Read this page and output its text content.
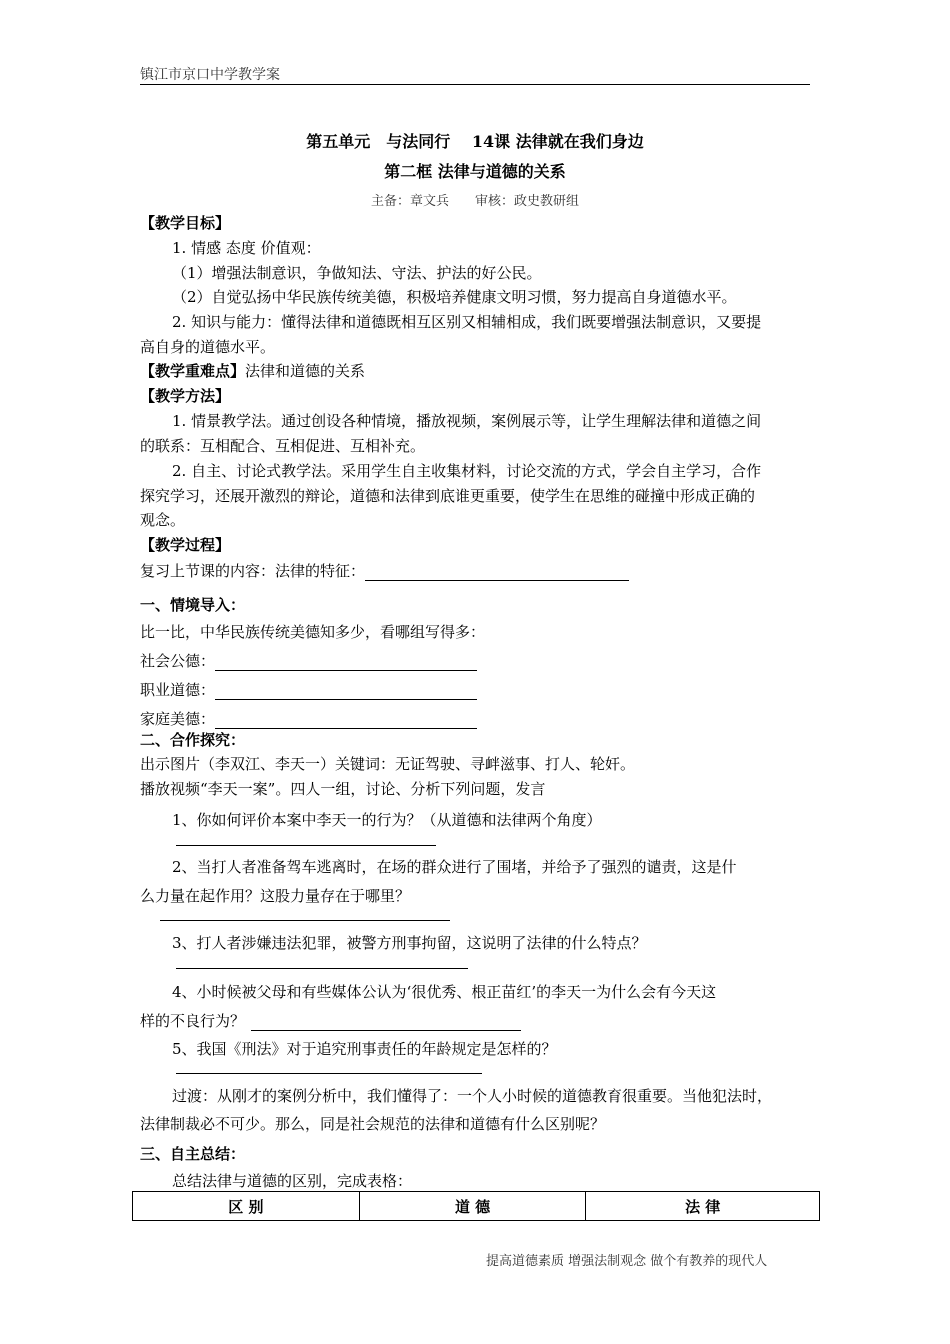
镇江市京口中学教学案
第五单元　与法同行　 14课 法律就在我们身边
第二框 法律与道德的关系
主备：章文兵　　审核：政史教研组
【教学目标】
1. 情感 态度 价值观：
（1）增强法制意识，争做知法、守法、护法的好公民。
（2）自觉弘扬中华民族传统美德，积极培养健康文明习惯，努力提高自身道德水平。
2. 知识与能力：懂得法律和道德既相互区别又相辅相成，我们既要增强法制意识，又要提
高自身的道德水平。
【教学重难点】法律和道德的关系
【教学方法】
1. 情景教学法。通过创设各种情境，播放视频，案例展示等，让学生理解法律和道德之间
的联系：互相配合、互相促进、互相补充。
2. 自主、讨论式教学法。采用学生自主收集材料，讨论交流的方式，学会自主学习，合作
探究学习，还展开激烈的辩论，道德和法律到底谁更重要，使学生在思维的碰撞中形成正确的
观念。
【教学过程】
复习上节课的内容：法律的特征：
一、情境导入：
比一比，中华民族传统美德知多少，看哪组写得多：
社会公德：
职业道德：
家庭美德：
二、合作探究：
出示图片（李双江、李天一）关键词：无证驾驶、寻衅滋事、打人、轮奸。
播放视频“李天一案”。四人一组，讨论、分析下列问题，发言
1、你如何评价本案中李天一的行为？（从道德和法律两个角度）
2、当打人者准备驾车逃离时，在场的群众进行了围堵，并给予了强烈的谴责，这是什
么力量在起作用？这股力量存在于哪里？
3、打人者涉嫌违法犯罪，被警方刑事拘留，这说明了法律的什么特点？
4、小时候被父母和有些媒体公认为‘很优秀、根正苗红’的李天一为什么会有今天这
样的不良行为？
5、我国《刑法》对于追究刑事责任的年龄规定是怎样的？
过渡：从刚才的案例分析中，我们懂得了：一个人小时候的道德教育很重要。当他犯法时，
法律制裁必不可少。那么，同是社会规范的法律和道德有什么区别呢？
三、自主总结：
总结法律与道德的区别，完成表格：
区 别	道 德	法 律
提高道德素质 增强法制观念 做个有教养的现代人
